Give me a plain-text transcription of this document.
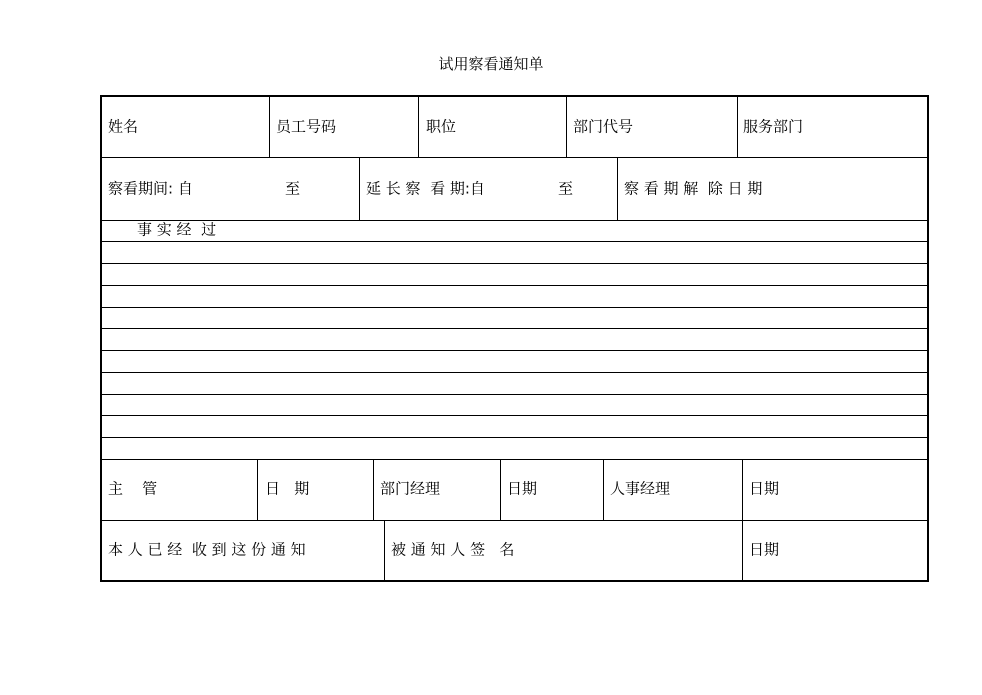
试用察看通知单
姓名	员工号码	职位	部门代号	服务部门
察看期间: 自	至	延 长 察  看 期:自	至	察 看 期 解  除 日 期
事 实 经  过
主    管	日   期	部门经理	日期	人事经理	日期
本 人 已 经  收 到 这 份 通 知	被 通 知 人 签   名	日期
